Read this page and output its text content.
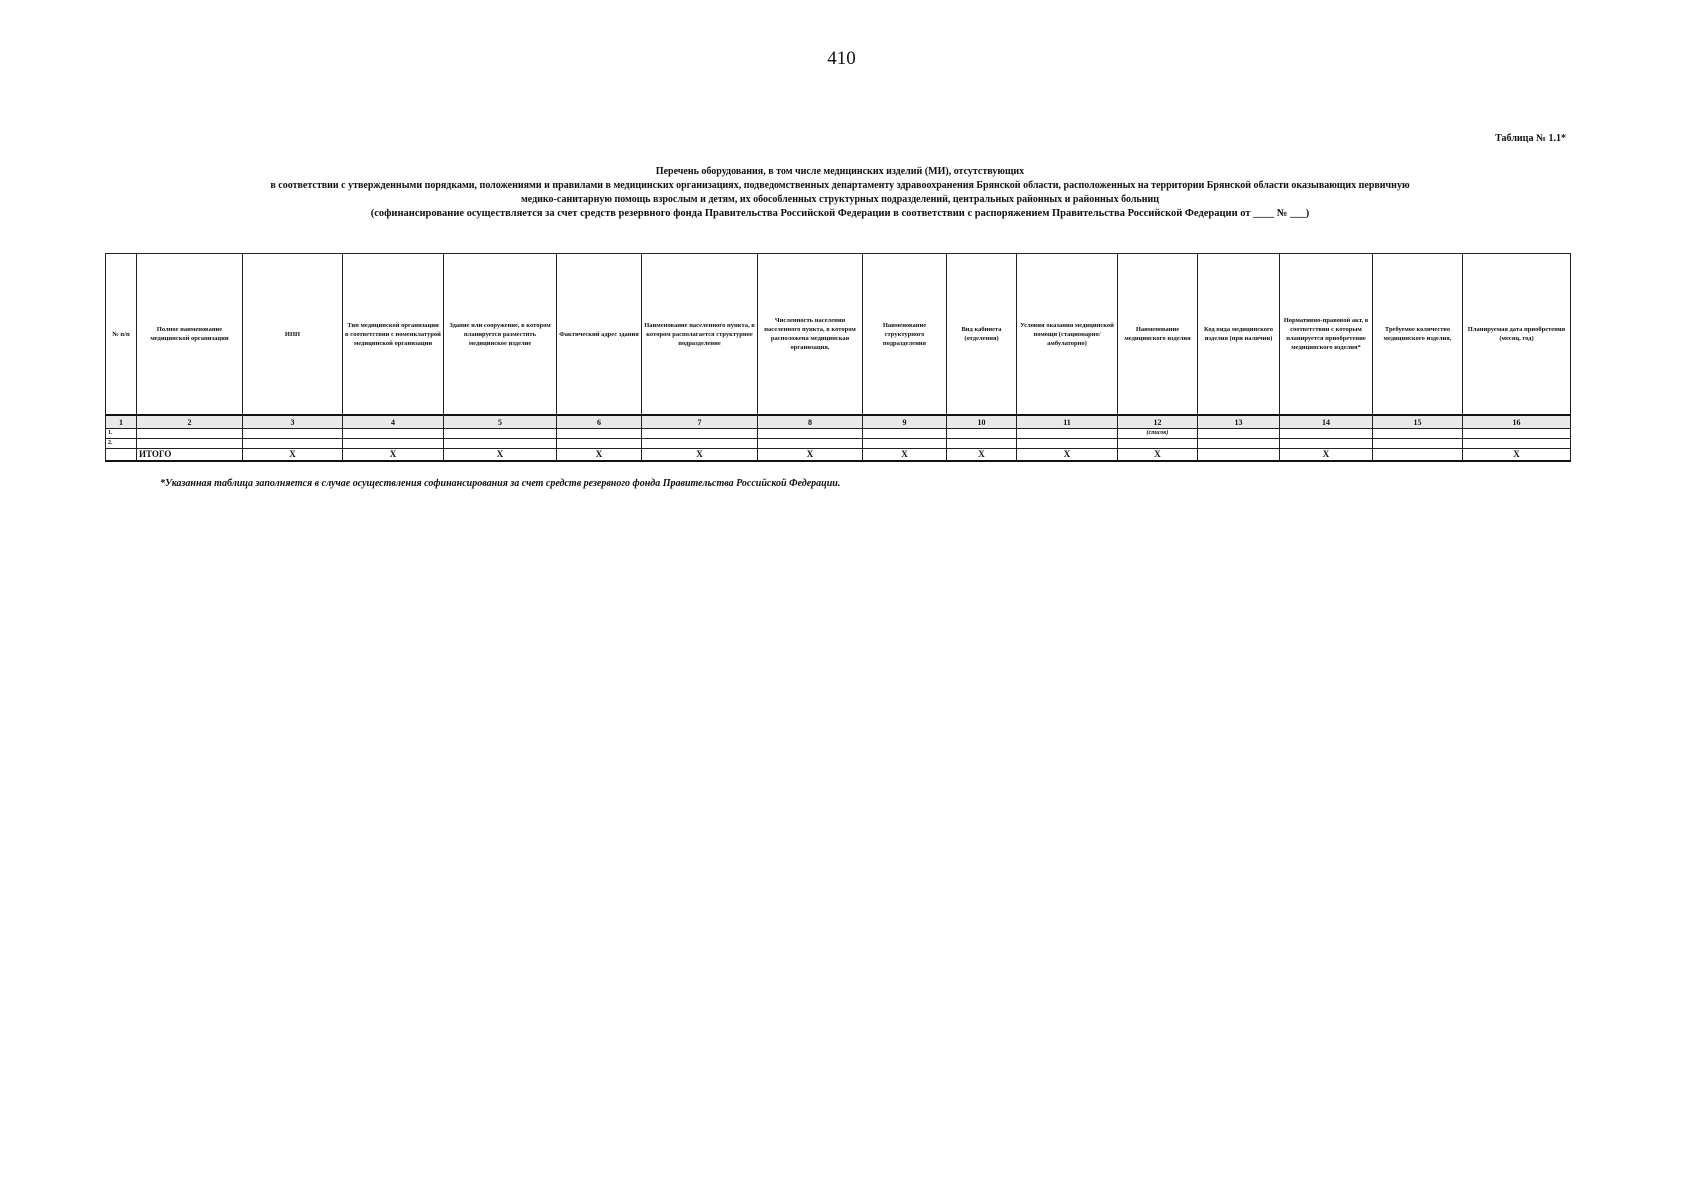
410
Таблица № 1.1*
Перечень оборудования, в том числе медицинских изделий (МИ), отсутствующих
в соответствии с утвержденными порядками, положениями и правилами в медицинских организациях, подведомственных департаменту здравоохранения Брянской области, расположенных на территории Брянской области оказывающих первичную
медико-санитарную помощь взрослым и детям, их обособленных структурных подразделений, центральных районных и районных больниц
(софинансирование осуществляется за счет средств резервного фонда Правительства Российской Федерации в соответствии с распоряжением Правительства Российской Федерации от ____ № ___)
№ п/п	Полное наименование медицинской организации	ИНН	Тип медицинской организации в соответствии с номенклатурой медицинской организации	Здание или сооружение, в котором планируется разместить медицинское изделие	Фактический адрес здания	Наименование населенного пункта, в котором располагается структурное подразделение	Численность населения населенного пункта, в котором расположена медицинская организация,	Наименование структурного подразделения	Вид кабинета (отделения)	Условия оказания медицинской помощи (стационарно/амбулаторно)	Наименование медицинского изделия	Код вида медицинского изделия (при наличии)	Нормативно-правовой акт, в соответствии с которым планируется приобретение медицинского изделия*	Требуемое количество медицинского изделия,	Планируемая дата приобретения (месяц, год)
1	2	3	4	5	6	7	8	9	10	11	12	13	14	15	16
1.											(список)				
2.															
	ИТОГО	X	X	X	X	X	X	X	X	X	X		X		X
*Указанная таблица заполняется в случае осуществления софинансирования за счет средств резервного фонда Правительства Российской Федерации.
